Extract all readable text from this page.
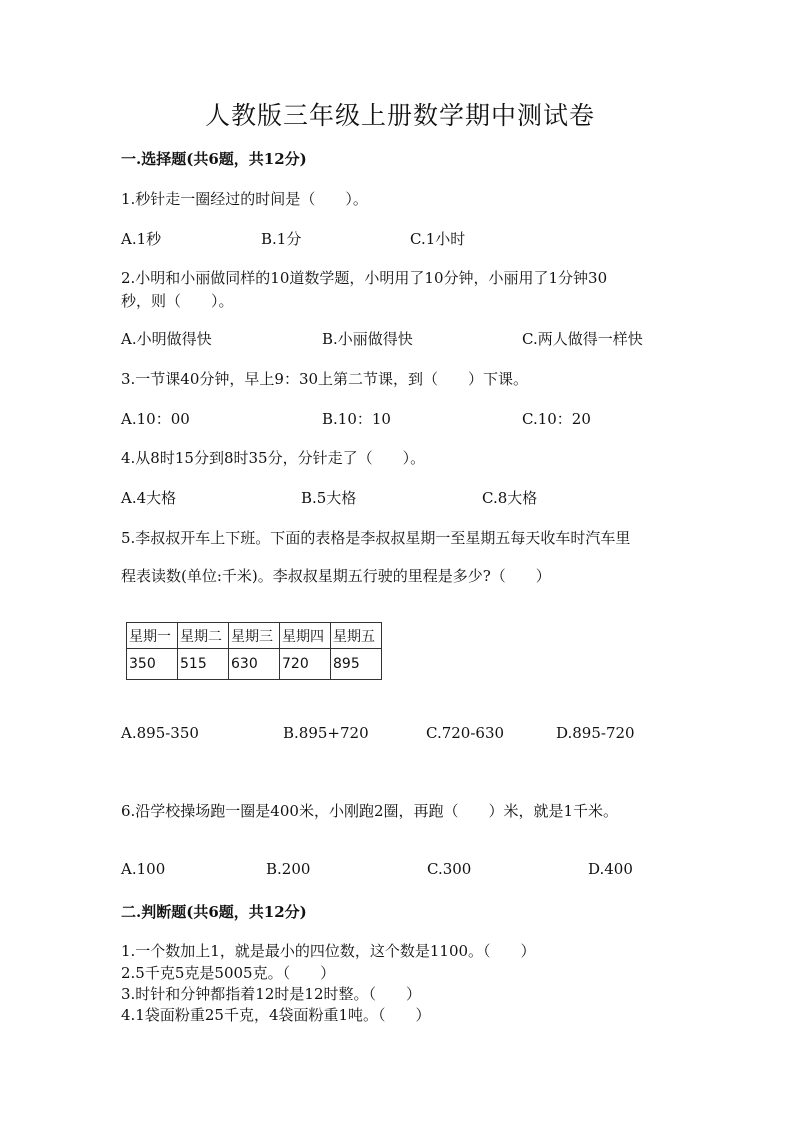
人教版三年级上册数学期中测试卷
一.选择题(共6题，共12分)
1.秒针走一圈经过的时间是（　　）。
A.1秒	B.1分	C.1小时
2.小明和小丽做同样的10道数学题，小明用了10分钟，小丽用了1分钟30
秒，则（　　）。
A.小明做得快	B.小丽做得快	C.两人做得一样快
3.一节课40分钟，早上9：30上第二节课，到（　　）下课。
A.10：00	B.10：10	C.10：20
4.从8时15分到8时35分，分针走了（　　）。
A.4大格	B.5大格	C.8大格
5.李叔叔开车上下班。下面的表格是李叔叔星期一至星期五每天收车时汽车里
程表读数(单位:千米)。李叔叔星期五行驶的里程是多少?（　　）
星期一	星期二	星期三	星期四	星期五
350	515	630	720	895
A.895-350	B.895+720	C.720-630	D.895-720
6.沿学校操场跑一圈是400米，小刚跑2圈，再跑（　　）米，就是1千米。
A.100	B.200	C.300	D.400
二.判断题(共6题，共12分)
1.一个数加上1，就是最小的四位数，这个数是1100。（　　）
2.5千克5克是5005克。（　　）
3.时针和分钟都指着12时是12时整。（　　）
4.1袋面粉重25千克，4袋面粉重1吨。（　　）
